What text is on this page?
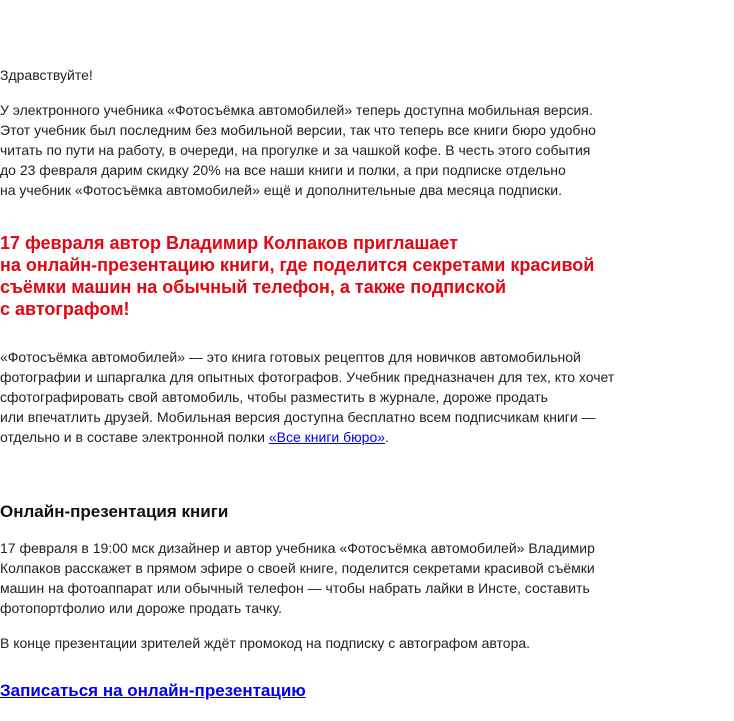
Здравствуйте!

У электронного учебника «Фотосъёмка автомобилей» теперь доступна мобильная версия.
Этот учебник был последним без мобильной версии, так что теперь все книги бюро удобно
читать по пути на работу, в очереди, на прогулке и за чашкой кофе. В честь этого события
до 23 февраля дарим скидку 20% на все наши книги и полки, а при подписке отдельно
на учебник «Фотосъёмка автомобилей» ещё и дополнительные два месяца подписки.

17 февраля автор Владимир Колпаков приглашает
на онлайн-презентацию книги, где поделится секретами красивой
съёмки машин на обычный телефон, а также подпиской
с автографом!

«Фотосъёмка автомобилей» — это книга готовых рецептов для новичков автомобильной
фотографии и шпаргалка для опытных фотографов. Учебник предназначен для тех, кто хочет
сфотографировать свой автомобиль, чтобы разместить в журнале, дороже продать
или впечатлить друзей. Мобильная версия доступна бесплатно всем подписчикам книги —
отдельно и в составе электронной полки «Все книги бюро».

Онлайн-презентация книги

17 февраля в 19:00 мск дизайнер и автор учебника «Фотосъёмка автомобилей» Владимир
Колпаков расскажет в прямом эфире о своей книге, поделится секретами красивой съёмки
машин на фотоаппарат или обычный телефон — чтобы набрать лайки в Инсте, составить
фотопортфолио или дороже продать тачку.

В конце презентации зрителей ждёт промокод на подписку с автографом автора.

Записаться на онлайн-презентацию
